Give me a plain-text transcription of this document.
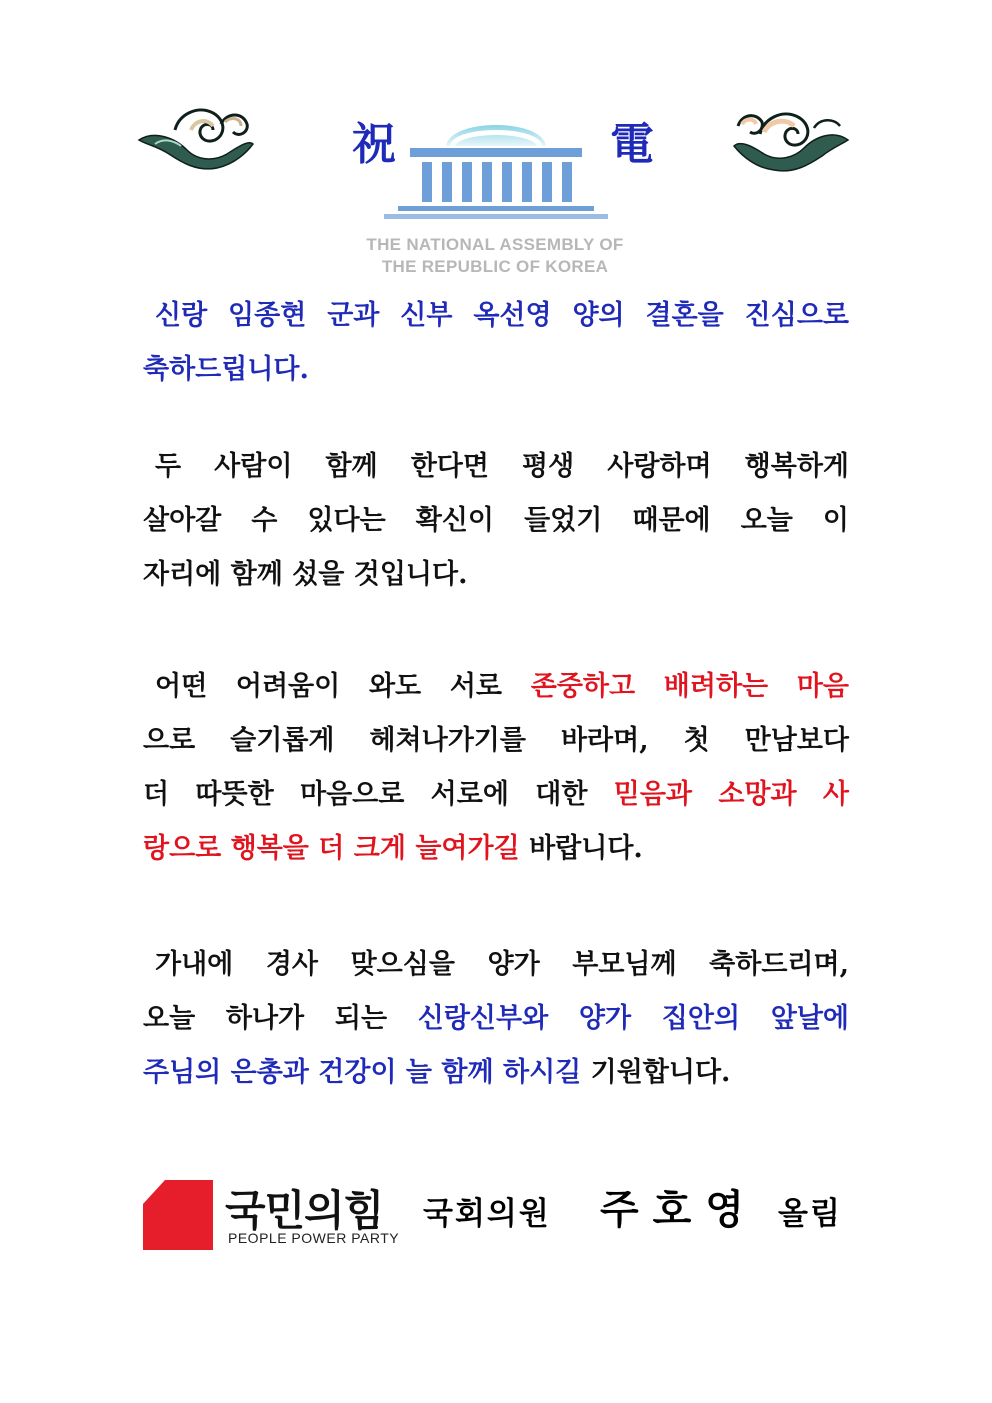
祝	電
THE NATIONAL ASSEMBLY OF
THE REPUBLIC OF KOREA
신랑 임종현 군과 신부 옥선영 양의 결혼을 진심으로
축하드립니다.
두 사람이 함께 한다면 평생 사랑하며 행복하게
살아갈 수 있다는 확신이 들었기 때문에 오늘 이
자리에 함께 섰을 것입니다.
어떤 어려움이 와도 서로 존중하고 배려하는 마음
으로 슬기롭게 헤쳐나가기를 바라며, 첫 만남보다
더 따뜻한 마음으로 서로에 대한 믿음과 소망과 사
랑으로 행복을 더 크게 늘여가길 바랍니다.
가내에 경사 맞으심을 양가 부모님께 축하드리며,
오늘 하나가 되는 신랑신부와 양가 집안의 앞날에
주님의 은총과 건강이 늘 함께 하시길 기원합니다.
국민의힘
PEOPLE POWER PARTY
국회의원 주호영 올림
